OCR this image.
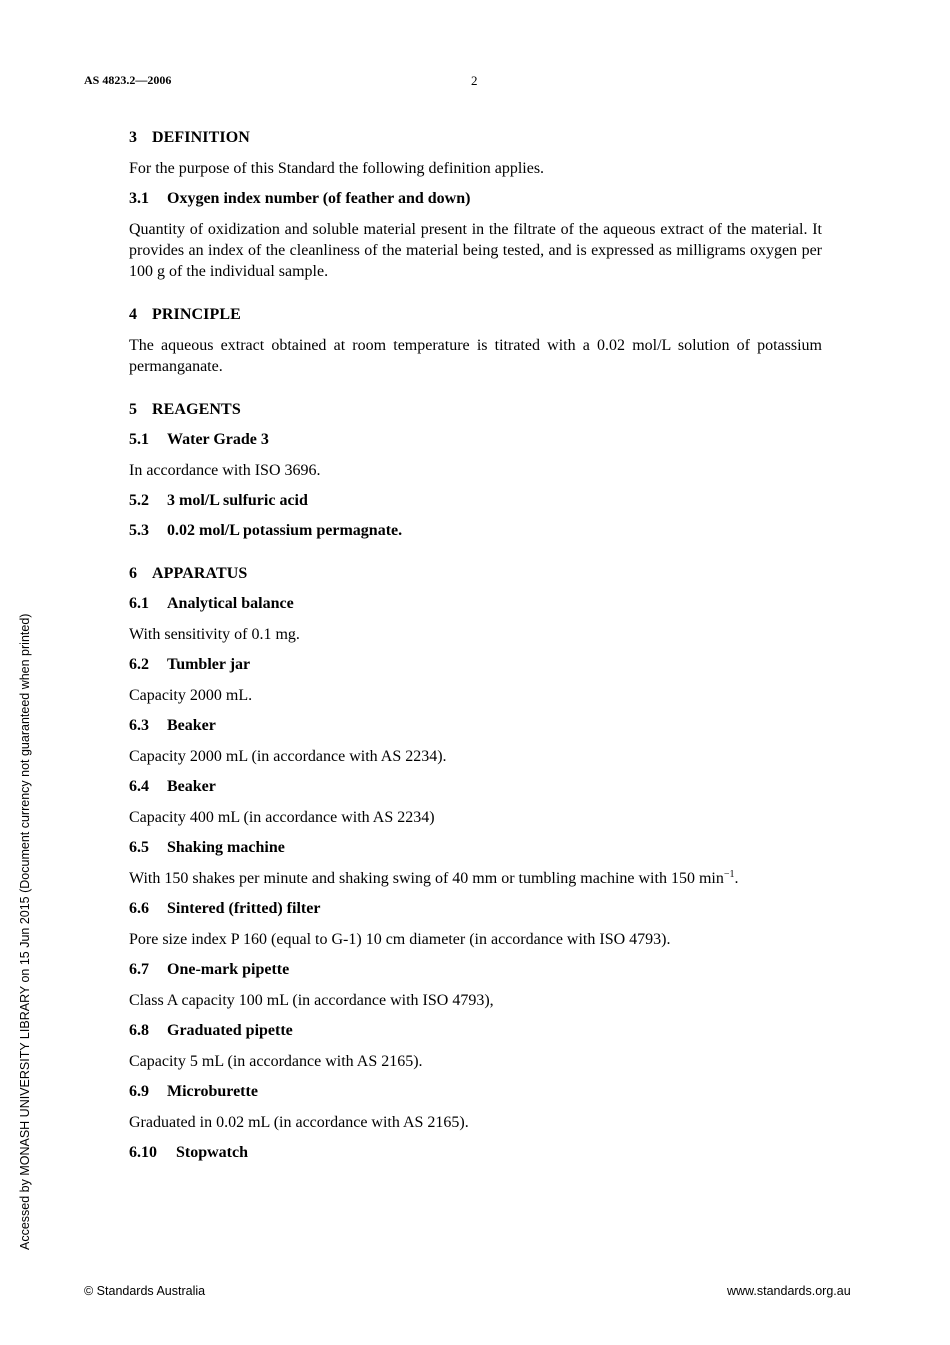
AS 4823.2—2006	2
Accessed by MONASH UNIVERSITY LIBRARY on 15 Jun 2015 (Document currency not guaranteed when printed)
3 DEFINITION
For the purpose of this Standard the following definition applies.
3.1 Oxygen index number (of feather and down)
Quantity of oxidization and soluble material present in the filtrate of the aqueous extract of the material. It provides an index of the cleanliness of the material being tested, and is expressed as milligrams oxygen per 100 g of the individual sample.
4 PRINCIPLE
The aqueous extract obtained at room temperature is titrated with a 0.02 mol/L solution of potassium permanganate.
5 REAGENTS
5.1 Water Grade 3
In accordance with ISO 3696.
5.2 3 mol/L sulfuric acid
5.3 0.02 mol/L potassium permagnate.
6 APPARATUS
6.1 Analytical balance
With sensitivity of 0.1 mg.
6.2 Tumbler jar
Capacity 2000 mL.
6.3 Beaker
Capacity 2000 mL (in accordance with AS 2234).
6.4 Beaker
Capacity 400 mL (in accordance with AS 2234)
6.5 Shaking machine
With 150 shakes per minute and shaking swing of 40 mm or tumbling machine with 150 $\min^{-1}$.
6.6 Sintered (fritted) filter
Pore size index P 160 (equal to G-1) 10 cm diameter (in accordance with ISO 4793).
6.7 One-mark pipette
Class A capacity 100 mL (in accordance with ISO 4793),
6.8 Graduated pipette
Capacity 5 mL (in accordance with AS 2165).
6.9 Microburette
Graduated in 0.02 mL (in accordance with AS 2165).
6.10 Stopwatch
© Standards Australia	www.standards.org.au
